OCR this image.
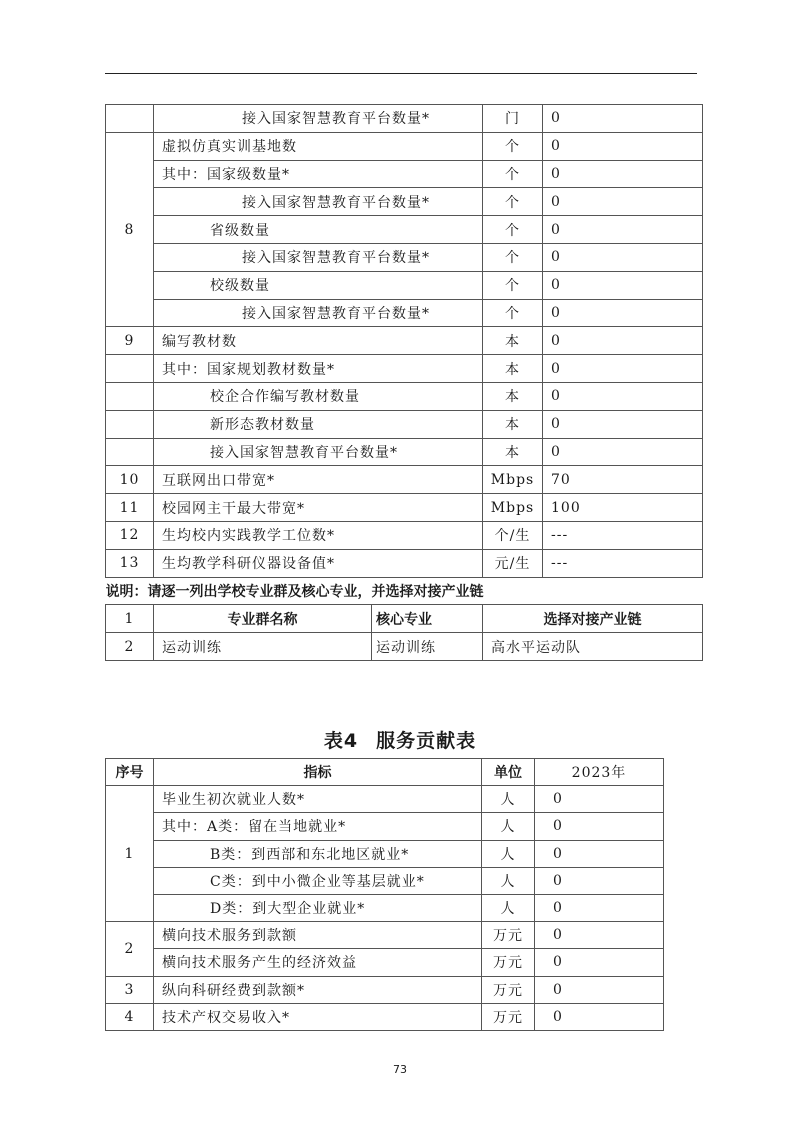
	接入国家智慧教育平台数量*		门	0
8	虚拟仿真实训基地数		个	0
	其中：国家级数量*		个	0
	接入国家智慧教育平台数量*		个	0
	省级数量		个	0
	接入国家智慧教育平台数量*		个	0
	校级数量		个	0
	接入国家智慧教育平台数量*		个	0
9	编写教材数		本	0
	其中：国家规划教材数量*		本	0
	校企合作编写教材数量		本	0
	新形态教材数量		本	0
	接入国家智慧教育平台数量*		本	0
10	互联网出口带宽*		Mbps	70
11	校园网主干最大带宽*		Mbps	100
12	生均校内实践教学工位数*		个/生	---
13	生均教学科研仪器设备值*		元/生	---
说明：请逐一列出学校专业群及核心专业，并选择对接产业链				
1	专业群名称	核心专业	选择对接产业链	
2	运动训练	运动训练	高水平运动队	
表4 服务贡献表
序号	指标	单位	2023年
1	毕业生初次就业人数*	人	0
	其中：A类：留在当地就业*	人	0
	B类：到西部和东北地区就业*	人	0
	C类：到中小微企业等基层就业*	人	0
	D类：到大型企业就业*	人	0
2	横向技术服务到款额	万元	0
	横向技术服务产生的经济效益	万元	0
3	纵向科研经费到款额*	万元	0
4	技术产权交易收入*	万元	0
73
